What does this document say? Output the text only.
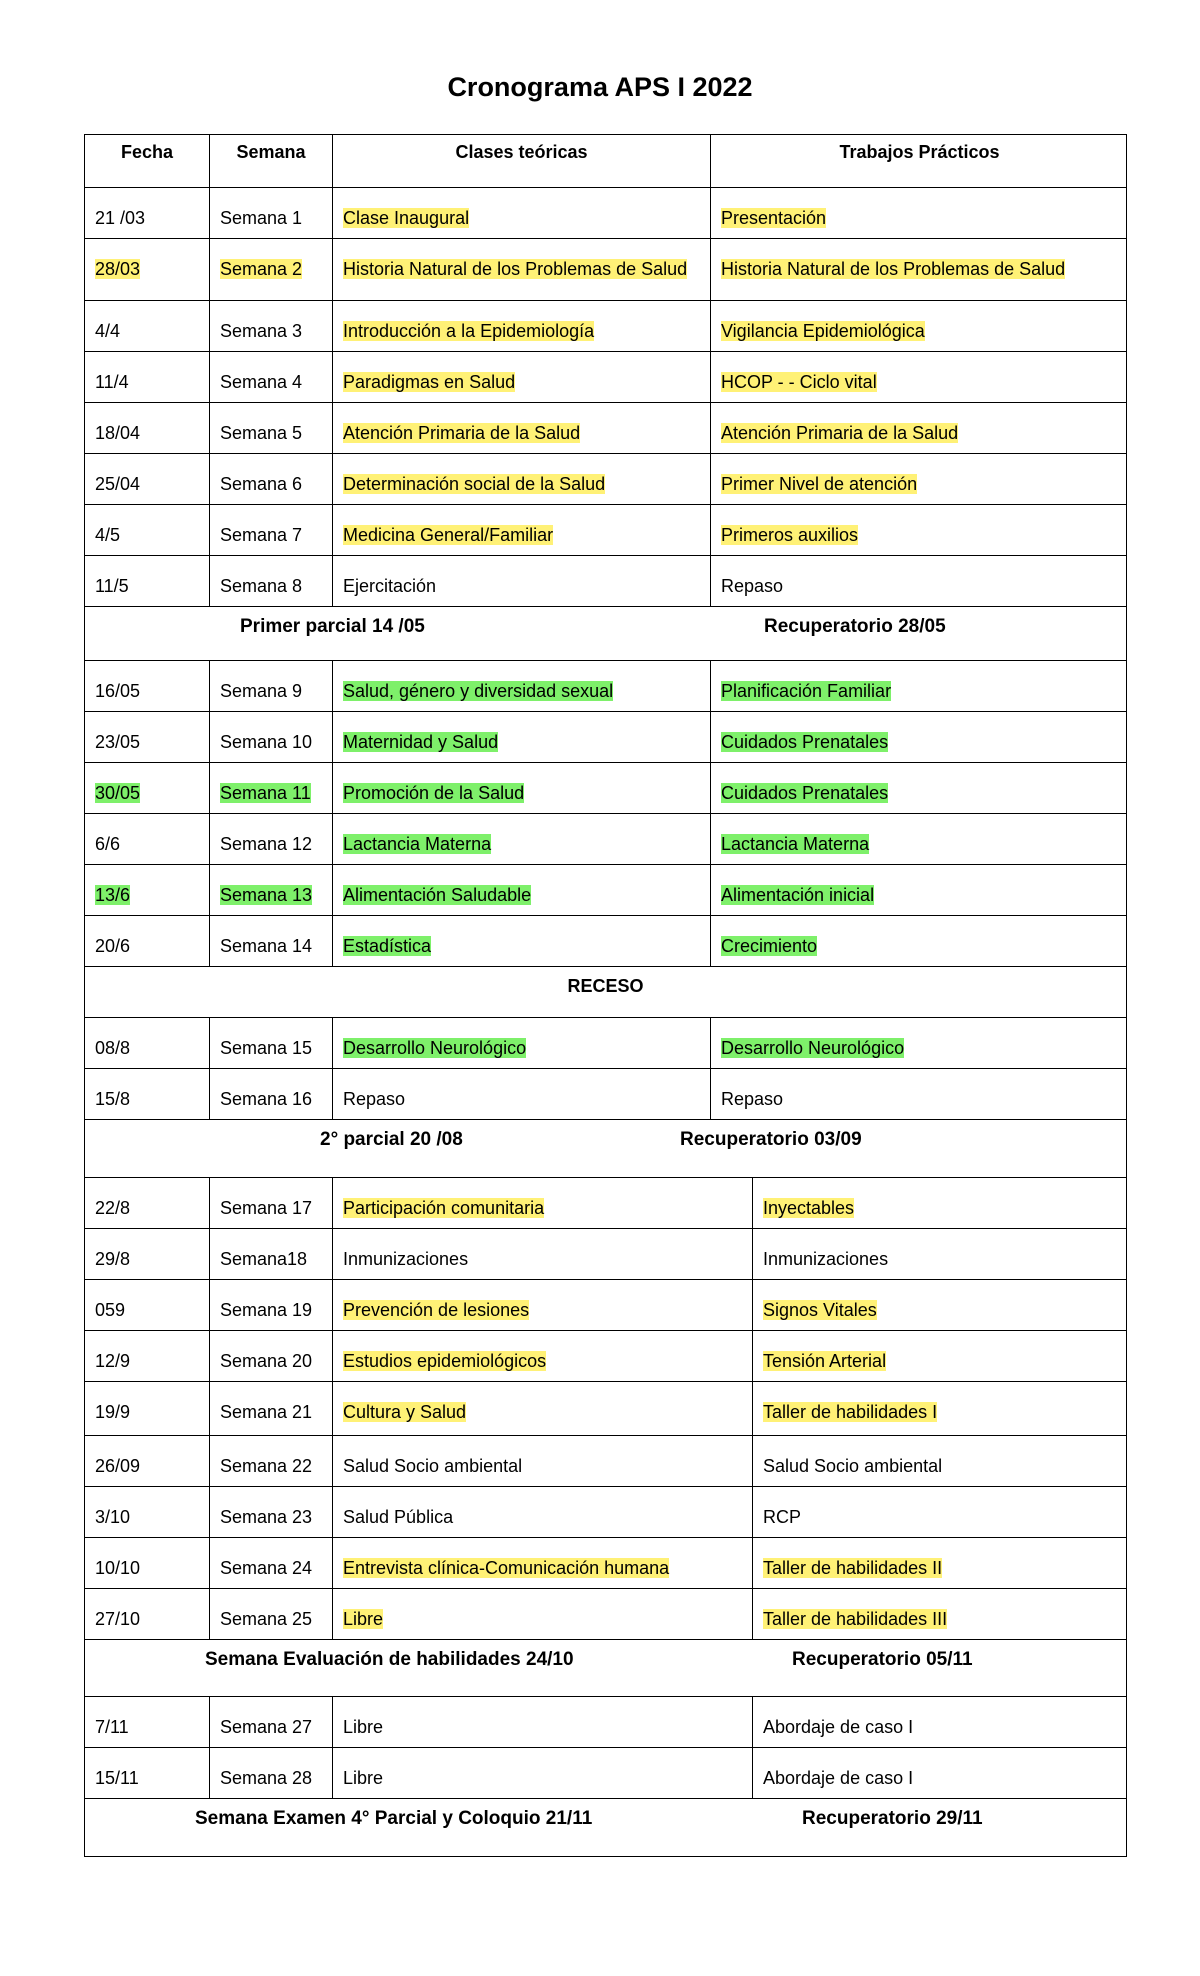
Cronograma APS I 2022
Fecha	Semana	Clases teóricas	Trabajos Prácticos
21 /03	Semana 1	Clase Inaugural	Presentación
28/03	Semana 2	Historia Natural de los Problemas de Salud	Historia Natural de los Problemas de Salud
4/4	Semana 3	Introducción a la Epidemiología	Vigilancia Epidemiológica
11/4	Semana 4	Paradigmas en Salud	HCOP - - Ciclo vital
18/04	Semana 5	Atención Primaria de la Salud	Atención Primaria de la Salud
25/04	Semana 6	Determinación social de la Salud	Primer Nivel de atención
4/5	Semana 7	Medicina General/Familiar	Primeros auxilios
11/5	Semana 8	Ejercitación	Repaso
Primer parcial 14 /05	Recuperatorio 28/05
16/05	Semana 9	Salud, género y diversidad sexual	Planificación Familiar
23/05	Semana 10	Maternidad y Salud	Cuidados Prenatales
30/05	Semana 11	Promoción de la Salud	Cuidados Prenatales
6/6	Semana 12	Lactancia Materna	Lactancia Materna
13/6	Semana 13	Alimentación Saludable	Alimentación inicial
20/6	Semana 14	Estadística	Crecimiento
RECESO
08/8	Semana 15	Desarrollo Neurológico	Desarrollo Neurológico
15/8	Semana 16	Repaso	Repaso
2° parcial 20 /08	Recuperatorio 03/09
22/8	Semana 17	Participación comunitaria	Inyectables
29/8	Semana18	Inmunizaciones	Inmunizaciones
059	Semana 19	Prevención de lesiones	Signos Vitales
12/9	Semana 20	Estudios epidemiológicos	Tensión Arterial
19/9	Semana 21	Cultura y Salud	Taller de habilidades I
26/09	Semana 22	Salud Socio ambiental	Salud Socio ambiental
3/10	Semana 23	Salud Pública	RCP
10/10	Semana 24	Entrevista clínica-Comunicación humana	Taller de habilidades II
27/10	Semana 25	Libre	Taller de habilidades III
Semana Evaluación de habilidades 24/10	Recuperatorio 05/11
7/11	Semana 27	Libre	Abordaje de caso I
15/11	Semana 28	Libre	Abordaje de caso I
Semana Examen 4° Parcial y Coloquio 21/11	Recuperatorio 29/11
